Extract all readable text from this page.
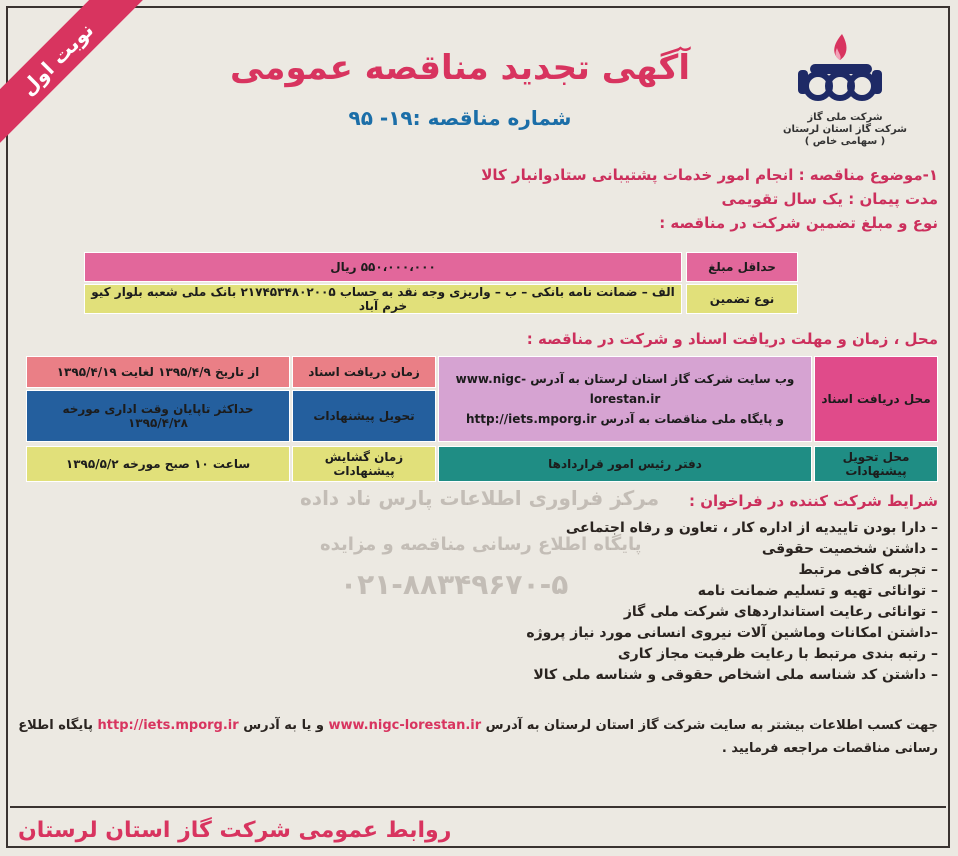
نوبت اول
شرکت ملی گاز
شرکت گاز استان لرستان
( سهامی خاص )
آگهی تجدید مناقصه عمومی
شماره مناقصه :۱۹- ۹۵
۱-موضوع مناقصه : انجام امور خدمات پشتیبانی ستادوانبار کالا
مدت پیمان : یک سال تقویمی
نوع و مبلغ تضمین شرکت در مناقصه :
حداقل مبلغ
۵۵۰،۰۰۰،۰۰۰ ریال
نوع تضمین
الف – ضمانت نامه بانکی – ب – واریزی وجه نقد به حساب ۲۱۷۴۵۳۴۸۰۲۰۰۵ بانک ملی شعبه بلوار کیو خرم آباد
محل ، زمان و مهلت دریافت اسناد و شرکت در مناقصه :
محل دریافت اسناد
وب سایت شرکت گاز استان لرستان به آدرس www.nigc-lorestan.ir
و پایگاه ملی مناقصات به آدرس http://iets.mporg.ir
زمان دریافت اسناد
از تاریخ ۱۳۹۵/۴/۹ لغایت ۱۳۹۵/۴/۱۹
تحویل پیشنهادات
حداکثر تاپایان وقت اداری مورخه ۱۳۹۵/۴/۲۸
محل تحویل پیشنهادات
دفتر رئیس امور قراردادها
زمان گشایش پیشنهادات
ساعت ۱۰ صبح مورخه ۱۳۹۵/۵/۲
شرایط شرکت کننده در فراخوان :
– دارا بودن تاییدیه از اداره کار ، تعاون و رفاه اجتماعی
– داشتن شخصیت حقوقی
– تجربه کافی مرتبط
– توانائی تهیه و تسلیم ضمانت نامه
– توانائی رعایت استانداردهای شرکت ملی گاز
–داشتن امکانات وماشین آلات نیروی انسانی مورد نیاز پروژه
– رتبه بندی مرتبط با رعایت ظرفیت مجاز کاری
– داشتن کد شناسه ملی اشخاص حقوقی و شناسه ملی کالا
جهت کسب اطلاعات بیشتر به سایت شرکت گاز استان لرستان به آدرس www.nigc-lorestan.ir و یا به آدرس http://iets.mporg.ir پایگاه اطلاع رسانی مناقصات مراجعه فرمایید .
روابط عمومی شرکت گاز استان لرستان
مرکز فراوری اطلاعات پارس ناد داده
پایگاه اطلاع رسانی مناقصه و مزایده
۰۲۱-۸۸۳۴۹۶۷۰-۵
